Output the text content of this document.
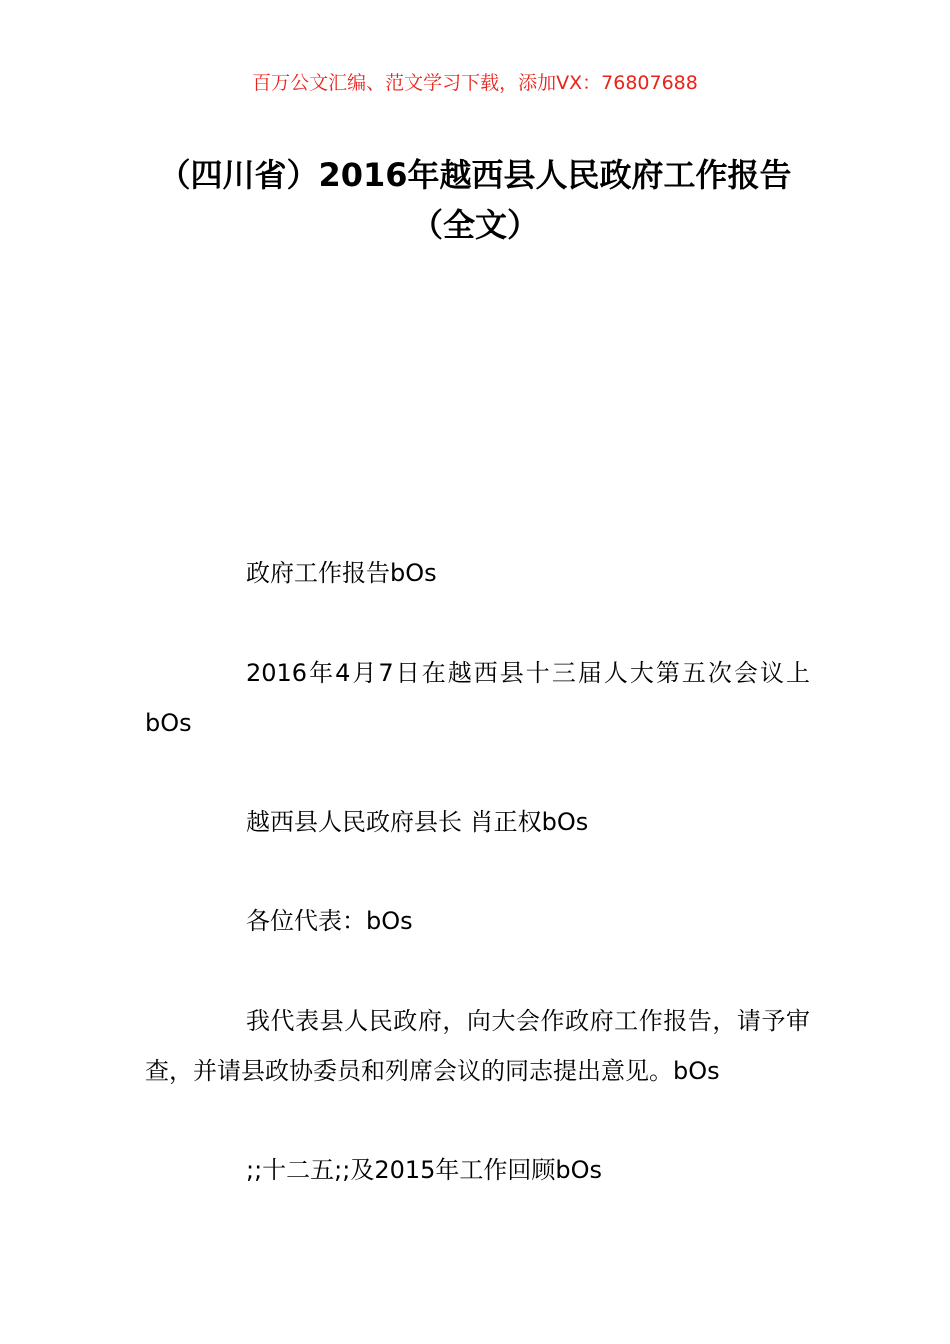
百万公文汇编、范文学习下载，添加VX：76807688
（四川省）2016年越西县人民政府工作报告（全文）

政府工作报告bOs

2016年4月7日在越西县十三届人大第五次会议上bOs

越西县人民政府县长 肖正权bOs

各位代表：bOs

我代表县人民政府，向大会作政府工作报告，请予审查，并请县政协委员和列席会议的同志提出意见。bOs

;;十二五;;及2015年工作回顾bOs
